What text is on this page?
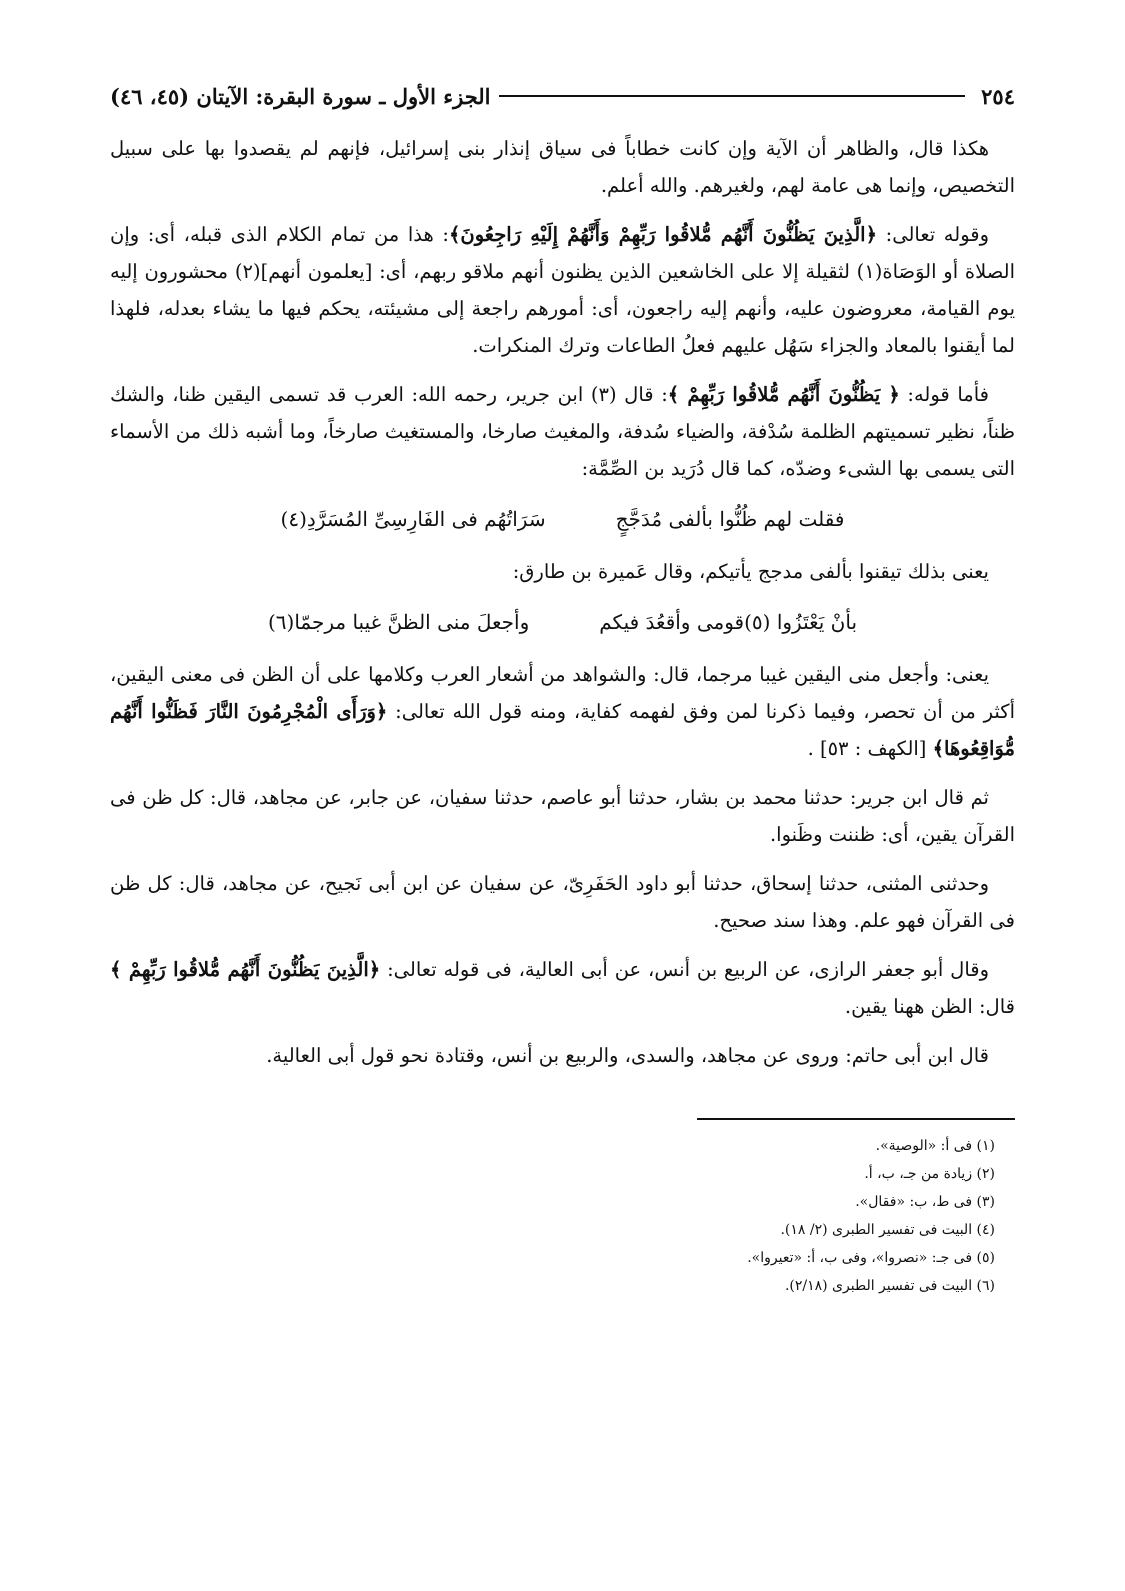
٢٥٤
الجزء الأول ـ سورة البقرة: الآيتان (٤٥، ٤٦)

هكذا قال، والظاهر أن الآية وإن كانت خطاباً فى سياق إنذار بنى إسرائيل، فإنهم لم يقصدوا بها على سبيل التخصيص، وإنما هى عامة لهم، ولغيرهم. والله أعلم.

وقوله تعالى: ﴿الَّذِينَ يَظُنُّونَ أَنَّهُم مُّلاقُوا رَبِّهِمْ وَأَنَّهُمْ إِلَيْهِ رَاجِعُونَ﴾: هذا من تمام الكلام الذى قبله، أى: وإن الصلاة أو الوَصَاة(١) لثقيلة إلا على الخاشعين الذين يظنون أنهم ملاقو ربهم، أى: [يعلمون أنهم](٢) محشورون إليه يوم القيامة، معروضون عليه، وأنهم إليه راجعون، أى: أمورهم راجعة إلى مشيئته، يحكم فيها ما يشاء بعدله، فلهذا لما أيقنوا بالمعاد والجزاء سَهُل عليهم فعلُ الطاعات وترك المنكرات.

فأما قوله: ﴿ يَظُنُّونَ أَنَّهُم مُّلاقُوا رَبِّهِمْ ﴾: قال (٣) ابن جرير، رحمه الله: العرب قد تسمى اليقين ظنا، والشك ظناً، نظير تسميتهم الظلمة سُدْفة، والضياء سُدفة، والمغيث صارخا، والمستغيث صارخاً، وما أشبه ذلك من الأسماء التى يسمى بها الشىء وضدّه، كما قال دُرَيد بن الصِّمَّة:

فقلت لهم ظُنُّوا بألفى مُدَجَّجٍ
سَرَاتُهُم فى الفَارِسِىِّ المُسَرَّدِ(٤)

يعنى بذلك تيقنوا بألفى مدجج يأتيكم، وقال عَميرة بن طارق:

بأنْ يَعْتَزُوا (٥)قومى وأقعُدَ فيكم
وأجعلَ منى الظنَّ غيبا مرجمّا(٦)

يعنى: وأجعل منى اليقين غيبا مرجما، قال: والشواهد من أشعار العرب وكلامها على أن الظن فى معنى اليقين، أكثر من أن تحصر، وفيما ذكرنا لمن وفق لفهمه كفاية، ومنه قول الله تعالى: ﴿وَرَأَى الْمُجْرِمُونَ النَّارَ فَظَنُّوا أَنَّهُم مُّوَاقِعُوهَا﴾ [الكهف : ٥٣] .

ثم قال ابن جرير: حدثنا محمد بن بشار، حدثنا أبو عاصم، حدثنا سفيان، عن جابر، عن مجاهد، قال: كل ظن فى القرآن يقين، أى: ظننت وظَنوا.

وحدثنى المثنى، حدثنا إسحاق، حدثنا أبو داود الحَفَرِىّ، عن سفيان عن ابن أبى نَجيح، عن مجاهد، قال: كل ظن فى القرآن فهو علم. وهذا سند صحيح.

وقال أبو جعفر الرازى، عن الربيع بن أنس، عن أبى العالية، فى قوله تعالى: ﴿الَّذِينَ يَظُنُّونَ أَنَّهُم مُّلاقُوا رَبِّهِمْ ﴾ قال: الظن ههنا يقين.

قال ابن أبى حاتم: وروى عن مجاهد، والسدى، والربيع بن أنس، وقتادة نحو قول أبى العالية.

(١) فى أ: «الوصية».

(٢) زيادة من جـ، ب، أ.

(٣) فى ط، ب: «فقال».

(٤) البيت فى تفسير الطبرى (٢/ ١٨).

(٥) فى جـ: «نصروا»، وفى ب، أ: «تعيروا».

(٦) البيت فى تفسير الطبرى (٢/١٨).
